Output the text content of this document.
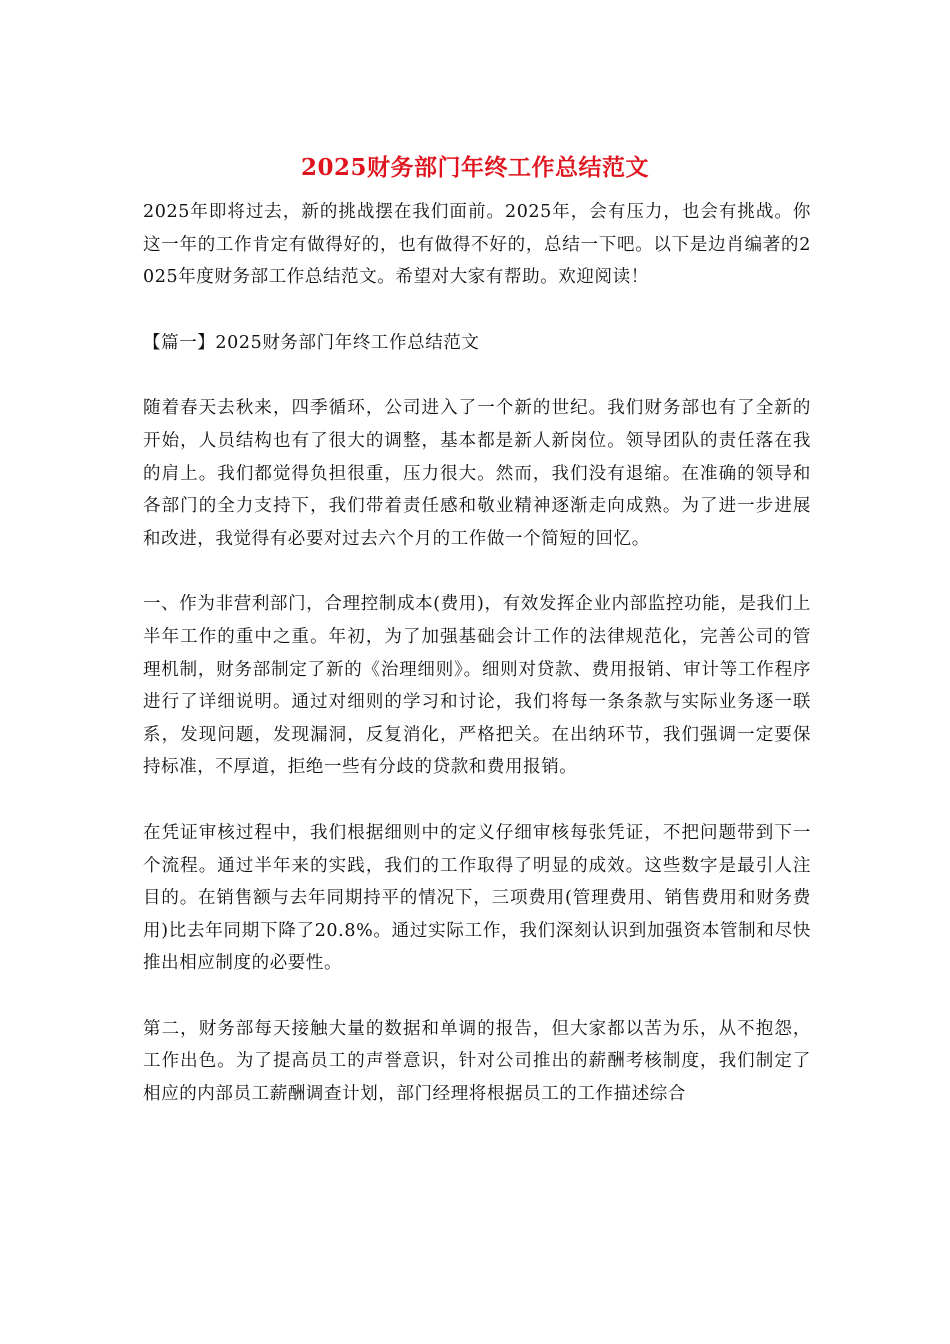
2025财务部门年终工作总结范文

2025年即将过去，新的挑战摆在我们面前。2025年，会有压力，也会有挑战。你这一年的工作肯定有做得好的，也有做得不好的，总结一下吧。以下是边肖编著的2025年度财务部工作总结范文。希望对大家有帮助。欢迎阅读！

【篇一】2025财务部门年终工作总结范文

随着春天去秋来，四季循环，公司进入了一个新的世纪。我们财务部也有了全新的开始，人员结构也有了很大的调整，基本都是新人新岗位。领导团队的责任落在我的肩上。我们都觉得负担很重，压力很大。然而，我们没有退缩。在准确的领导和各部门的全力支持下，我们带着责任感和敬业精神逐渐走向成熟。为了进一步进展和改进，我觉得有必要对过去六个月的工作做一个简短的回忆。

一、作为非营利部门，合理控制成本(费用)，有效发挥企业内部监控功能，是我们上半年工作的重中之重。年初，为了加强基础会计工作的法律规范化，完善公司的管理机制，财务部制定了新的《治理细则》。细则对贷款、费用报销、审计等工作程序进行了详细说明。通过对细则的学习和讨论，我们将每一条条款与实际业务逐一联系，发现问题，发现漏洞，反复消化，严格把关。在出纳环节，我们强调一定要保持标准，不厚道，拒绝一些有分歧的贷款和费用报销。

在凭证审核过程中，我们根据细则中的定义仔细审核每张凭证，不把问题带到下一个流程。通过半年来的实践，我们的工作取得了明显的成效。这些数字是最引人注目的。在销售额与去年同期持平的情况下，三项费用(管理费用、销售费用和财务费用)比去年同期下降了20.8%。通过实际工作，我们深刻认识到加强资本管制和尽快推出相应制度的必要性。

第二，财务部每天接触大量的数据和单调的报告，但大家都以苦为乐，从不抱怨，工作出色。为了提高员工的声誉意识，针对公司推出的薪酬考核制度，我们制定了相应的内部员工薪酬调查计划，部门经理将根据员工的工作描述综合
